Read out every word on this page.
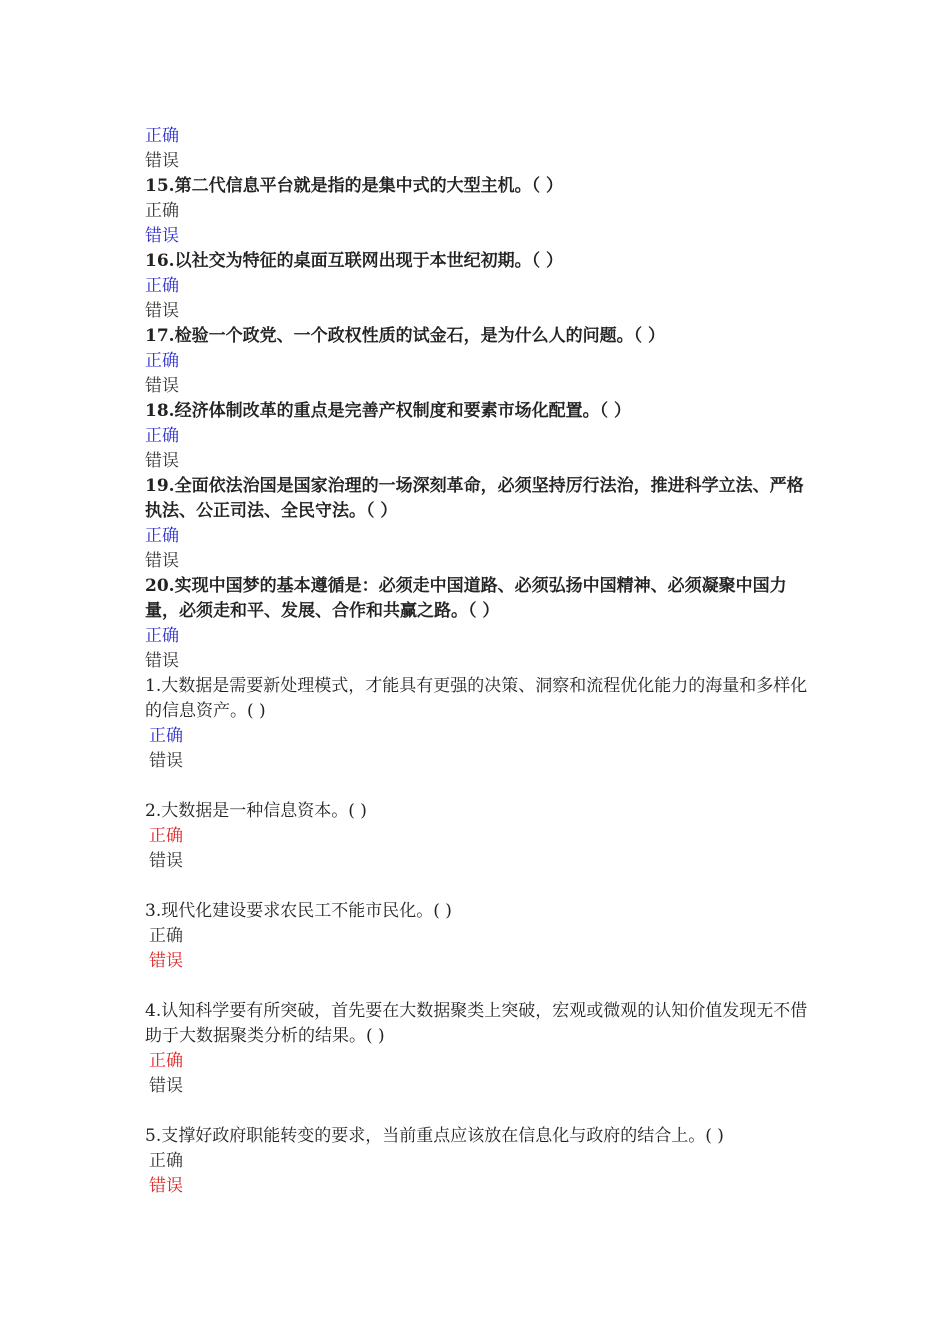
正确
错误
15.第二代信息平台就是指的是集中式的大型主机。（ ）
正确
错误
16.以社交为特征的桌面互联网出现于本世纪初期。（ ）
正确
错误
17.检验一个政党、一个政权性质的试金石，是为什么人的问题。（ ）
正确
错误
18.经济体制改革的重点是完善产权制度和要素市场化配置。（ ）
正确
错误
19.全面依法治国是国家治理的一场深刻革命，必须坚持厉行法治，推进科学立法、严格执法、公正司法、全民守法。（ ）
正确
错误
20.实现中国梦的基本遵循是：必须走中国道路、必须弘扬中国精神、必须凝聚中国力量，必须走和平、发展、合作和共赢之路。（ ）
正确
错误
1.大数据是需要新处理模式，才能具有更强的决策、洞察和流程优化能力的海量和多样化的信息资产。( )
正确
错误
2.大数据是一种信息资本。( )
正确
错误
3.现代化建设要求农民工不能市民化。( )
正确
错误
4.认知科学要有所突破，首先要在大数据聚类上突破，宏观或微观的认知价值发现无不借助于大数据聚类分析的结果。( )
正确
错误
5.支撑好政府职能转变的要求，当前重点应该放在信息化与政府的结合上。( )
正确
错误
